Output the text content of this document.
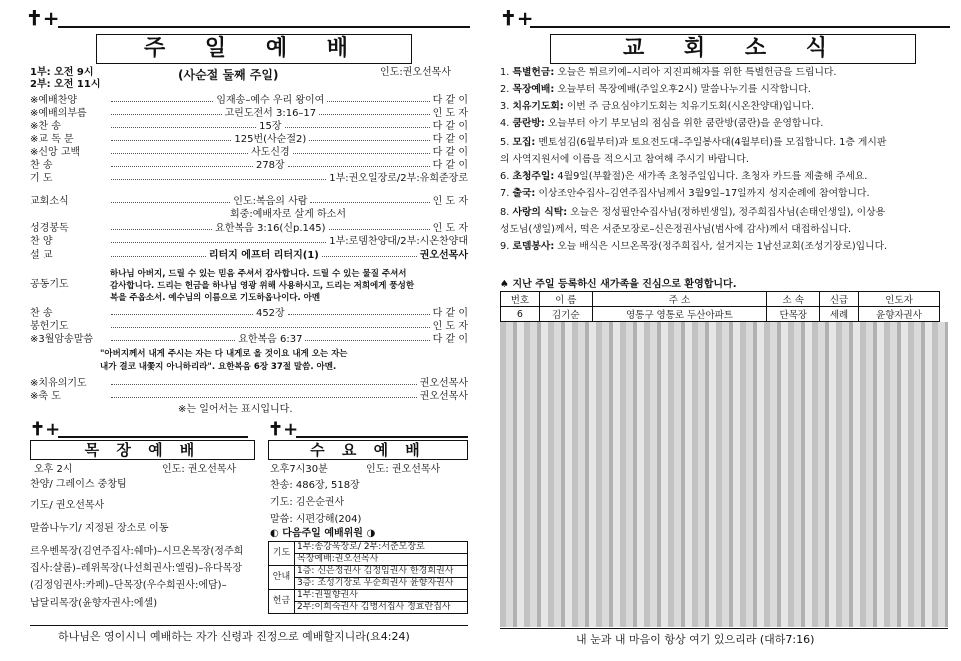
✝+
주 일 예 배
1부: 오전 9시
2부: 오전 11시
(사순절 둘째 주일)	인도:권오선목사
※예배찬양	임재송–예수 우리 왕이여	다 같 이
※예배의부름	고린도전서 3:16–17	인 도 자
※찬 송	15장	다 같 이
※교 독 문	125번(사순절2)	다 같 이
※신앙 고백	사도신경	다 같 이
찬 송	278장	다 같 이
기 도	1부:권오일장로/2부:유희준장로
교회소식	인도:복음의 사람	인 도 자
회중:예배자로 살게 하소서
성경봉독	요한복음 3:16(신p.145)	인 도 자
찬 양	1부:로뎀찬양대/2부:시온찬양대
설 교	리터지 에프터 리터지(1)	권오선목사
공동기도
하나님 아버지, 드릴 수 있는 믿음 주셔서 감사합니다. 드릴 수 있는 물질 주셔서
감사합니다. 드리는 헌금을 하나님 영광 위해 사용하시고, 드리는 저희에게 풍성한
복을 주옵소서. 예수님의 이름으로 기도하옵나이다. 아멘
찬 송	452장	다 같 이
봉헌기도	인 도 자
※3월암송말씀	요한복음 6:37	다 같 이
"아버지께서 내게 주시는 자는 다 내게로 올 것이요 내게 오는 자는
내가 결코 내쫓지 아니하리라". 요한복음 6장 37절 말씀. 아멘.
※치유의기도	권오선목사
※축 도	권오선목사
※는 일어서는 표시입니다.
✝+
목 장 예 배
오후 2시	인도: 권오선목사
찬양/ 그레이스 중창팀
기도/ 권오선목사
말씀나누기/ 지정된 장소로 이동
르우벤목장(김연주집사:쉐마)–시므온목장(정주희
집사:샬롬)–레위목장(나선희권사:엘림)–유다목장
(김정임권사:카페)–단목장(우수희권사:에담)–
납달리목장(윤향자권사:에셀)
✝+
수 요 예 배
오후7시30분	인도: 권오선목사
찬송: 486장, 518장
기도: 김은순권사
말씀: 시편강해(204)
◐ 다음주일 예배위원 ◑
기도	1부:송강욱장로/ 2부:서준모장로
	목장예배:권오선목사
안내	1층: 신은정권사 김정임권사 한경희권사
	3층: 조성기장로 우순희권사 윤향자권사
헌금	1부:권필향권사
	2부:이희숙권사 김병서집사 정효란집사
하나님은 영이시니 예배하는 자가 신령과 진정으로 예배할지니라(요4:24)
✝+
교 회 소 식
1. 특별헌금: 오늘은 튀르키예–시리아 지진피해자를 위한 특별헌금을 드립니다.
2. 목장예배: 오늘부터 목장예배(주일오후2시) 말씀나누기를 시작합니다.
3. 치유기도회: 이번 주 금요심야기도회는 치유기도회(시온찬양대)입니다.
4. 쿰란방: 오늘부터 아기 부모님의 점심을 위한 쿰란방(쿰란)을 운영합니다.
5. 모집: 멘토섬김(6월부터)과 토요전도대–주일봉사대(4월부터)를 모집합니다. 1층 게시판
의 사역지원서에 이름을 적으시고 참여해 주시기 바랍니다.
6. 초청주일: 4월9일(부활절)은 새가족 초청주일입니다. 초청자 카드를 제출해 주세요.
7. 출국: 이상조안수집사–김연주집사님께서 3월9일–17일까지 성지순례에 참여합니다.
8. 사랑의 식탁: 오늘은 정성필안수집사님(정하빈생일), 정주희집사님(손태인생일), 이상용
성도님(생일)께서, 떡은 서준모장로–신은정권사님(범사에 감사)께서 대접하십니다.
9. 로뎀봉사: 오늘 배식은 시므온목장(정주희집사, 설거지는 1남선교회(조성기장로)입니다.
♠ 지난 주일 등록하신 새가족을 진심으로 환영합니다.
번호	이 름	주 소	소 속	신급	인도자
6	김기순	영통구 영통로 두산아파트	단목장	세례	윤향자권사
내 눈과 내 마음이 항상 여기 있으리라 (대하7:16)
